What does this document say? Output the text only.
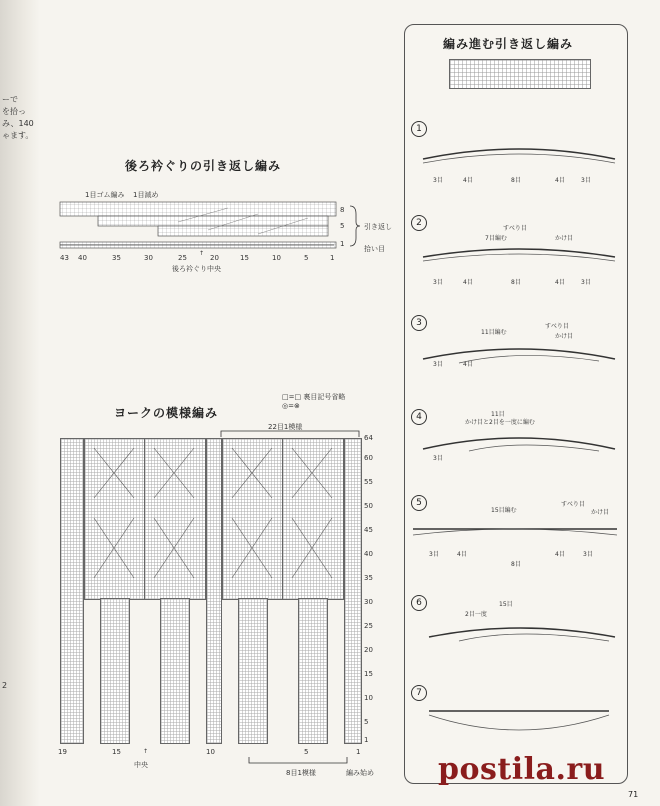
ーで
を拾っ
み、140
ゃます。
2
後ろ衿ぐりの引き返し編み
1目ゴム編み 1目減め
8
5
1
引き返し
拾い目
43 40	35	30	25	20	15	10	5	1
↑
後ろ衿ぐり中央
□=□ 裏目記号省略
◎=⊗
ヨークの模様編み
22目1模様
64
60
55
50
45
40
35
30
25
20
15
10
5
1
19	15	10	5	1
↑
中央
8目1模様	編み始め
編み進む引き返し編み
1
3目	4目	8目	4目	3目
2
すべり目
7目編む	かけ目
3目	4目	8目	4目	3目
3
11目編む
すべり目
かけ目
3目	4目
4	11目
かけ目と2目を一度に編む
3目
5
15目編む
すべり目
かけ目
3目	4目
8目
4目	3目
6	15目
2目一度
7
postila.ru
71
